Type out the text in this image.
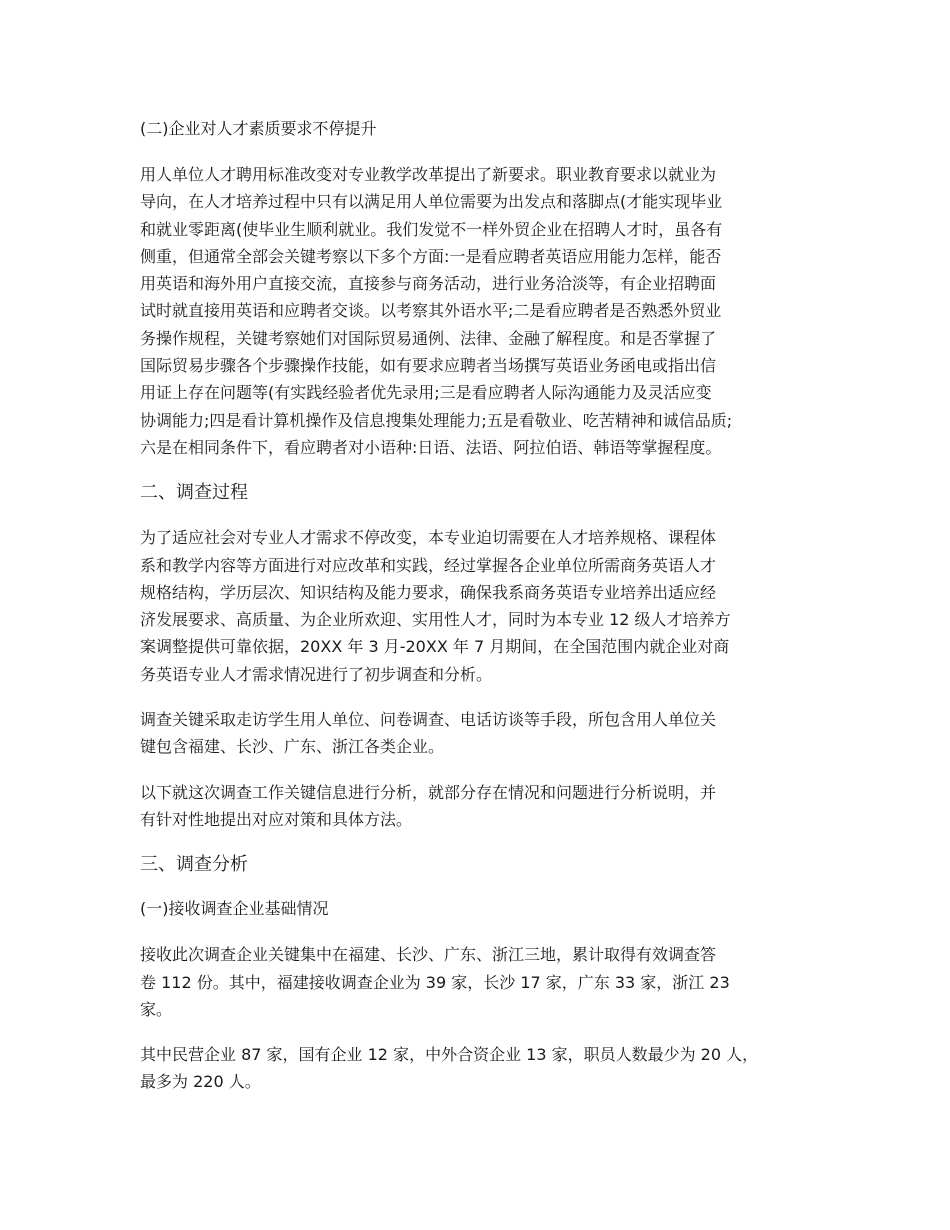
(二)企业对人才素质要求不停提升
用人单位人才聘用标准改变对专业教学改革提出了新要求。职业教育要求以就业为
导向，在人才培养过程中只有以满足用人单位需要为出发点和落脚点(才能实现毕业
和就业零距离(使毕业生顺利就业。我们发觉不一样外贸企业在招聘人才时，虽各有
侧重，但通常全部会关键考察以下多个方面:一是看应聘者英语应用能力怎样，能否
用英语和海外用户直接交流，直接参与商务活动，进行业务洽淡等，有企业招聘面
试时就直接用英语和应聘者交谈。以考察其外语水平;二是看应聘者是否熟悉外贸业
务操作规程，关键考察她们对国际贸易通例、法律、金融了解程度。和是否掌握了
国际贸易步骤各个步骤操作技能，如有要求应聘者当场撰写英语业务函电或指出信
用证上存在问题等(有实践经验者优先录用;三是看应聘者人际沟通能力及灵活应变
协调能力;四是看计算机操作及信息搜集处理能力;五是看敬业、吃苦精神和诚信品质;
六是在相同条件下，看应聘者对小语种:日语、法语、阿拉伯语、韩语等掌握程度。
二、调查过程
为了适应社会对专业人才需求不停改变，本专业迫切需要在人才培养规格、课程体
系和教学内容等方面进行对应改革和实践，经过掌握各企业单位所需商务英语人才
规格结构，学历层次、知识结构及能力要求，确保我系商务英语专业培养出适应经
济发展要求、高质量、为企业所欢迎、实用性人才，同时为本专业 12 级人才培养方
案调整提供可靠依据，20XX 年 3 月-20XX 年 7 月期间，在全国范围内就企业对商
务英语专业人才需求情况进行了初步调查和分析。
调查关键采取走访学生用人单位、问卷调查、电话访谈等手段，所包含用人单位关
键包含福建、长沙、广东、浙江各类企业。
以下就这次调查工作关键信息进行分析，就部分存在情况和问题进行分析说明，并
有针对性地提出对应对策和具体方法。
三、调查分析
(一)接收调查企业基础情况
接收此次调查企业关键集中在福建、长沙、广东、浙江三地，累计取得有效调查答
卷 112 份。其中，福建接收调查企业为 39 家，长沙 17 家，广东 33 家，浙江 23
家。
其中民营企业 87 家，国有企业 12 家，中外合资企业 13 家，职员人数最少为 20 人，
最多为 220 人。
